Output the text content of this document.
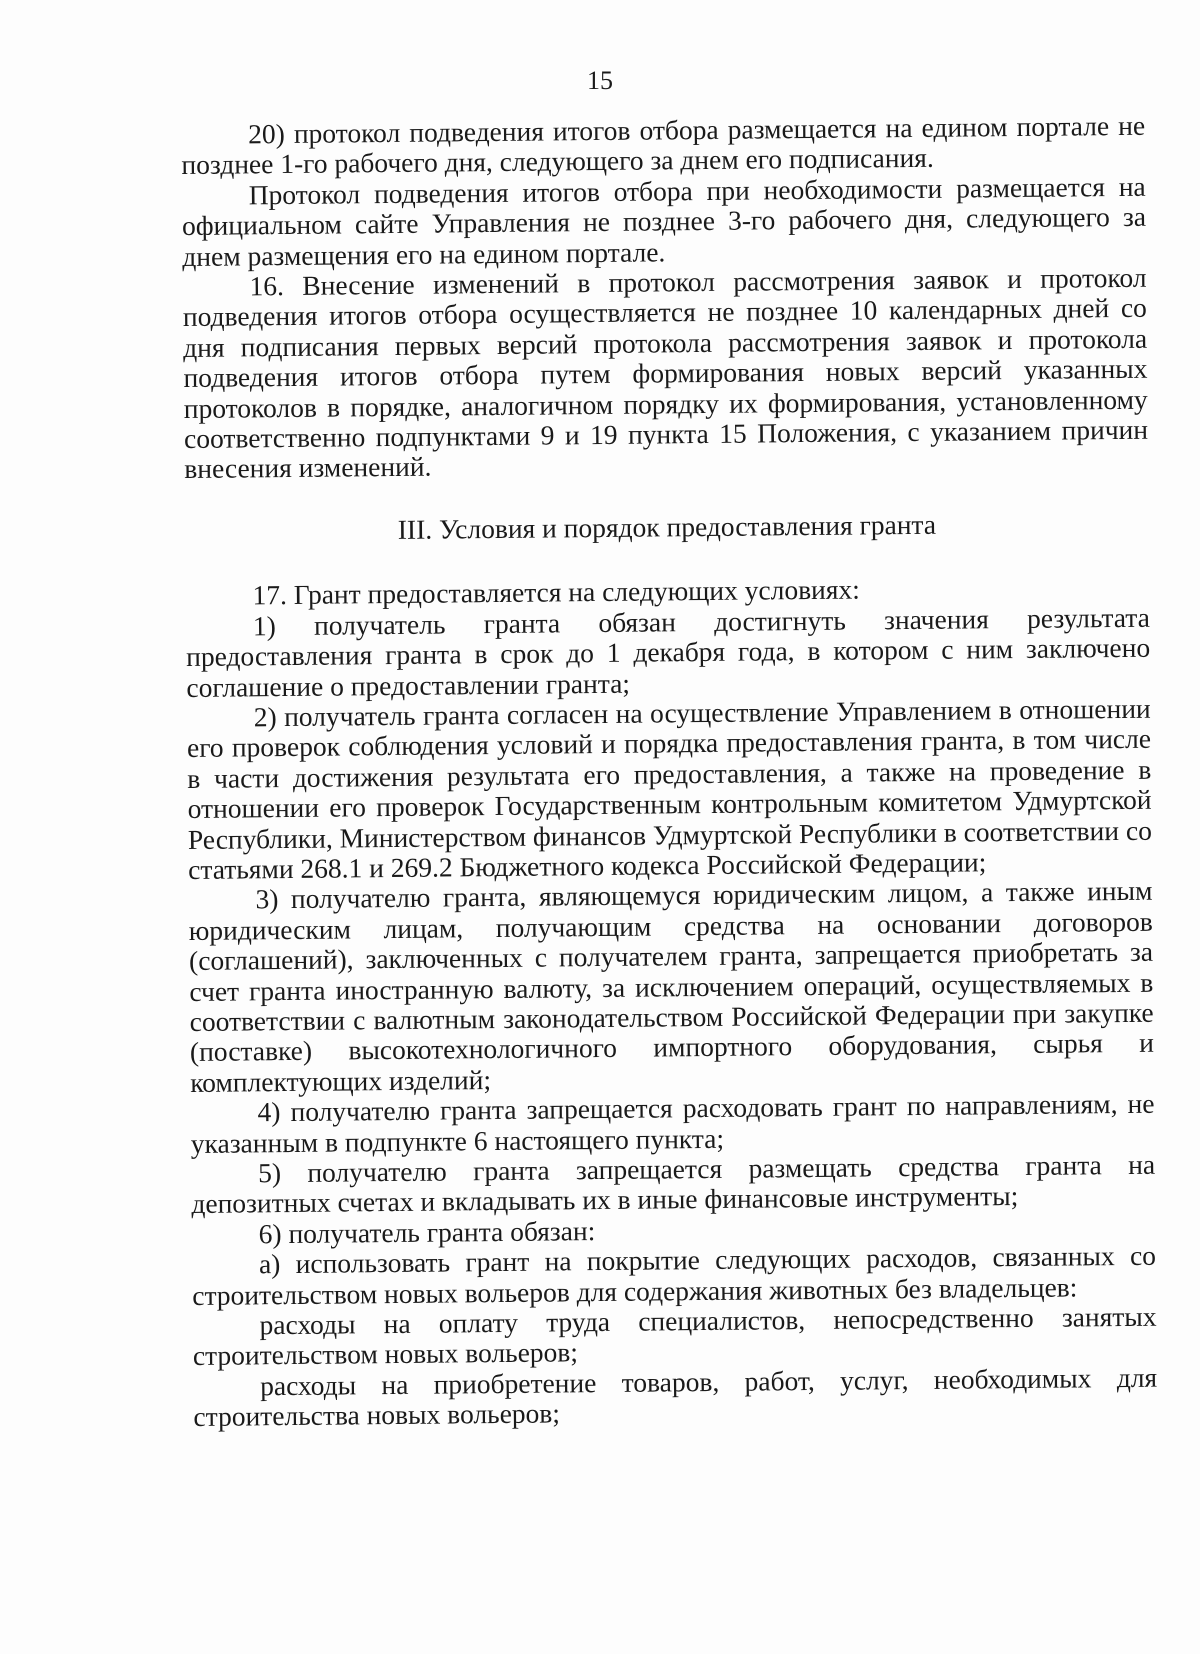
15

20) протокол подведения итогов отбора размещается на едином портале не позднее 1-го рабочего дня, следующего за днем его подписания.

Протокол подведения итогов отбора при необходимости размещается на официальном сайте Управления не позднее 3-го рабочего дня, следующего за днем размещения его на едином портале.

16. Внесение изменений в протокол рассмотрения заявок и протокол подведения итогов отбора осуществляется не позднее 10 календарных дней со дня подписания первых версий протокола рассмотрения заявок и протокола подведения итогов отбора путем формирования новых версий указанных протоколов в порядке, аналогичном порядку их формирования, установленному соответственно подпунктами 9 и 19 пункта 15 Положения, с указанием причин внесения изменений.

III. Условия и порядок предоставления гранта

17. Грант предоставляется на следующих условиях:

1) получатель гранта обязан достигнуть значения результата предоставления гранта в срок до 1 декабря года, в котором с ним заключено соглашение о предоставлении гранта;

2) получатель гранта согласен на осуществление Управлением в отношении его проверок соблюдения условий и порядка предоставления гранта, в том числе в части достижения результата его предоставления, а также на проведение в отношении его проверок Государственным контрольным комитетом Удмуртской Республики, Министерством финансов Удмуртской Республики в соответствии со статьями 268.1 и 269.2 Бюджетного кодекса Российской Федерации;

3) получателю гранта, являющемуся юридическим лицом, а также иным юридическим лицам, получающим средства на основании договоров (соглашений), заключенных с получателем гранта, запрещается приобретать за счет гранта иностранную валюту, за исключением операций, осуществляемых в соответствии с валютным законодательством Российской Федерации при закупке (поставке) высокотехнологичного импортного оборудования, сырья и комплектующих изделий;

4) получателю гранта запрещается расходовать грант по направлениям, не указанным в подпункте 6 настоящего пункта;

5) получателю гранта запрещается размещать средства гранта на депозитных счетах и вкладывать их в иные финансовые инструменты;

6) получатель гранта обязан:

а) использовать грант на покрытие следующих расходов, связанных со строительством новых вольеров для содержания животных без владельцев:

расходы на оплату труда специалистов, непосредственно занятых строительством новых вольеров;

расходы на приобретение товаров, работ, услуг, необходимых для строительства новых вольеров;
